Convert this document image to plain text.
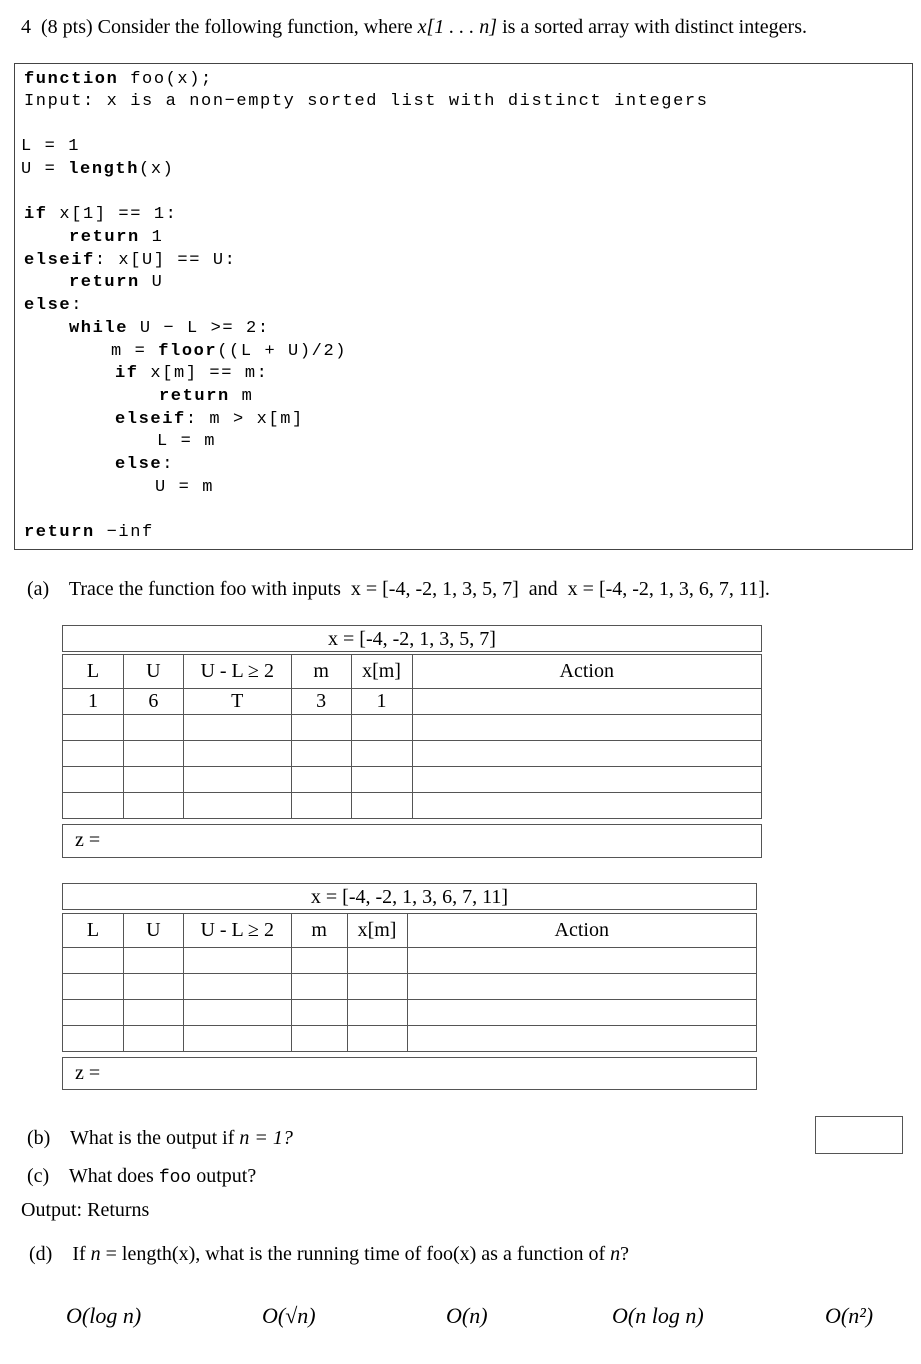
4 (8 pts) Consider the following function, where x[1 . . . n] is a sorted array with distinct integers.
function foo(x);
Input: x is a non−empty sorted list with distinct integers
L = 1
U = length(x)
if x[1] == 1:
return 1
elseif: x[U] == U:
return U
else:
while U − L >= 2:
m = floor((L + U)/2)
if x[m] == m:
return m
elseif: m > x[m]
L = m
else:
U = m
return −inf
(a) Trace the function foo with inputs x = [-4, -2, 1, 3, 5, 7] and x = [-4, -2, 1, 3, 6, 7, 11].
x = [-4, -2, 1, 3, 5, 7]
L	U	U - L ≥ 2	m	x[m]	Action
1	6	T	3	1	

z =
x = [-4, -2, 1, 3, 6, 7, 11]
L	U	U - L ≥ 2	m	x[m]	Action

z =
(b) What is the output if n = 1?
(c) What does foo output?
Output: Returns
(d) If n = length(x), what is the running time of foo(x) as a function of n?
O(log n)	O(√n)	O(n)	O(n log n)	O(n²)
